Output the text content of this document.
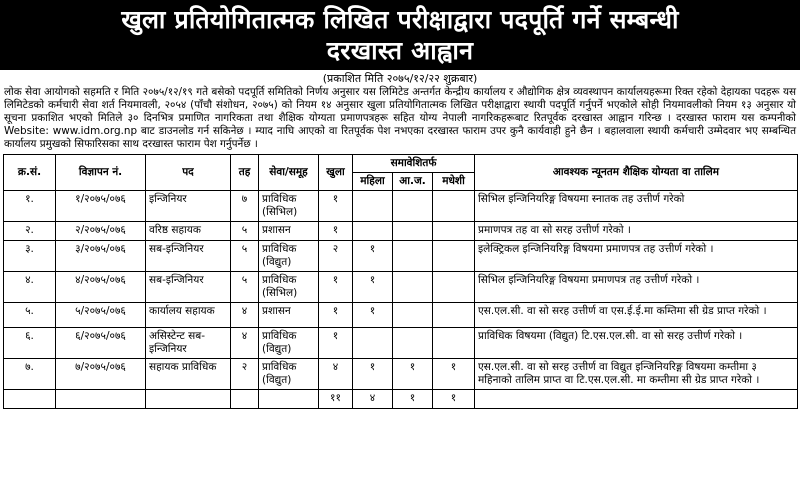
खुला प्रतियोगितात्मक लिखित परीक्षाद्वारा पदपूर्ति गर्ने सम्बन्धी
दरखास्त आह्वान
(प्रकाशित मिति २०७५/१२/२२ शुक्रबार)
लोक सेवा आयोगको सहमति र मिति २०७५/१२/१९ गते बसेको पदपूर्ति समितिको निर्णय अनुसार यस लिमिटेड अन्तर्गत केन्द्रीय कार्यालय र औद्योगिक क्षेत्र व्यवस्थापन कार्यालयहरूमा रिक्त रहेको देहायका पदहरू यस लिमिटेडको कर्मचारी सेवा शर्त नियमावली, २०५४ (पाँचौ संशोधन, २०७५) को नियम १४ अनुसार खुला प्रतियोगितात्मक लिखित परीक्षाद्वारा स्थायी पदपूर्ति गर्नुपर्ने भएकोले सोही नियमावलीको नियम १३ अनुसार यो सूचना प्रकाशित भएको मितिले ३० दिनभित्र प्रमाणित नागरिकता तथा शैक्षिक योग्यता प्रमाणपत्रहरू सहित योग्य नेपाली नागरिकहरूबाट रितपूर्वक दरखास्त आह्वान गरिन्छ । दरखास्त फाराम यस कम्पनीको Website: www.idm.org.np बाट डाउनलोड गर्न सकिनेछ । म्याद नाघि आएको वा रितपूर्वक पेश नभएका दरखास्त फाराम उपर कुनै कार्यवाही हुने छैन । बहालवाला स्थायी कर्मचारी उम्मेदवार भए सम्बन्धित कार्यालय प्रमुखको सिफारिसका साथ दरखास्त फाराम पेश गर्नुपर्नेछ ।
क्र.सं.	विज्ञापन नं.	पद	तह	सेवा/समूह	खुला	समावेशितर्फ			आवश्यक न्यूनतम शैक्षिक योग्यता वा तालिम
						महिला	आ.ज.	मधेशी	
१.	१/२०७५/०७६	इन्जिनियर	७	प्राविधिक (सिभिल)	१				सिभिल इन्जिनियरिङ्ग विषयमा स्नातक तह उत्तीर्ण गरेको
२.	२/२०७५/०७६	वरिष्ठ सहायक	५	प्रशासन	१				प्रमाणपत्र तह वा सो सरह उत्तीर्ण गरेको ।
३.	३/२०७५/०७६	सब-इन्जिनियर	५	प्राविधिक (विद्युत)	२	१			इलेक्ट्रिकल इन्जिनियरिङ्ग विषयमा प्रमाणपत्र तह उत्तीर्ण गरेको ।
४.	४/२०७५/०७६	सब-इन्जिनियर	५	प्राविधिक (सिभिल)	१	१			सिभिल इन्जिनियरिङ्ग विषयमा प्रमाणपत्र तह उत्तीर्ण गरेको ।
५.	५/२०७५/०७६	कार्यालय सहायक	४	प्रशासन	१	१			एस.एल.सी. वा सो सरह उत्तीर्ण वा एस.ई.ई.मा कम्तिमा सी ग्रेड प्राप्त गरेको ।
६.	६/२०७५/०७६	असिस्टेन्ट सब-इन्जिनियर	४	प्राविधिक (विद्युत)	१				प्राविधिक विषयमा (विद्युत) टि.एस.एल.सी. वा सो सरह उत्तीर्ण गरेको ।
७.	७/२०७५/०७६	सहायक प्राविधिक	२	प्राविधिक (विद्युत)	४	१	१	१	एस.एल.सी. वा सो सरह उत्तीर्ण वा विद्युत इन्जिनियरिङ्ग विषयमा कम्तीमा ३ महिनाको तालिम प्राप्त वा टि.एस.एल.सी. मा कम्तीमा सी ग्रेड प्राप्त गरेको ।
					११	४	१	१	
